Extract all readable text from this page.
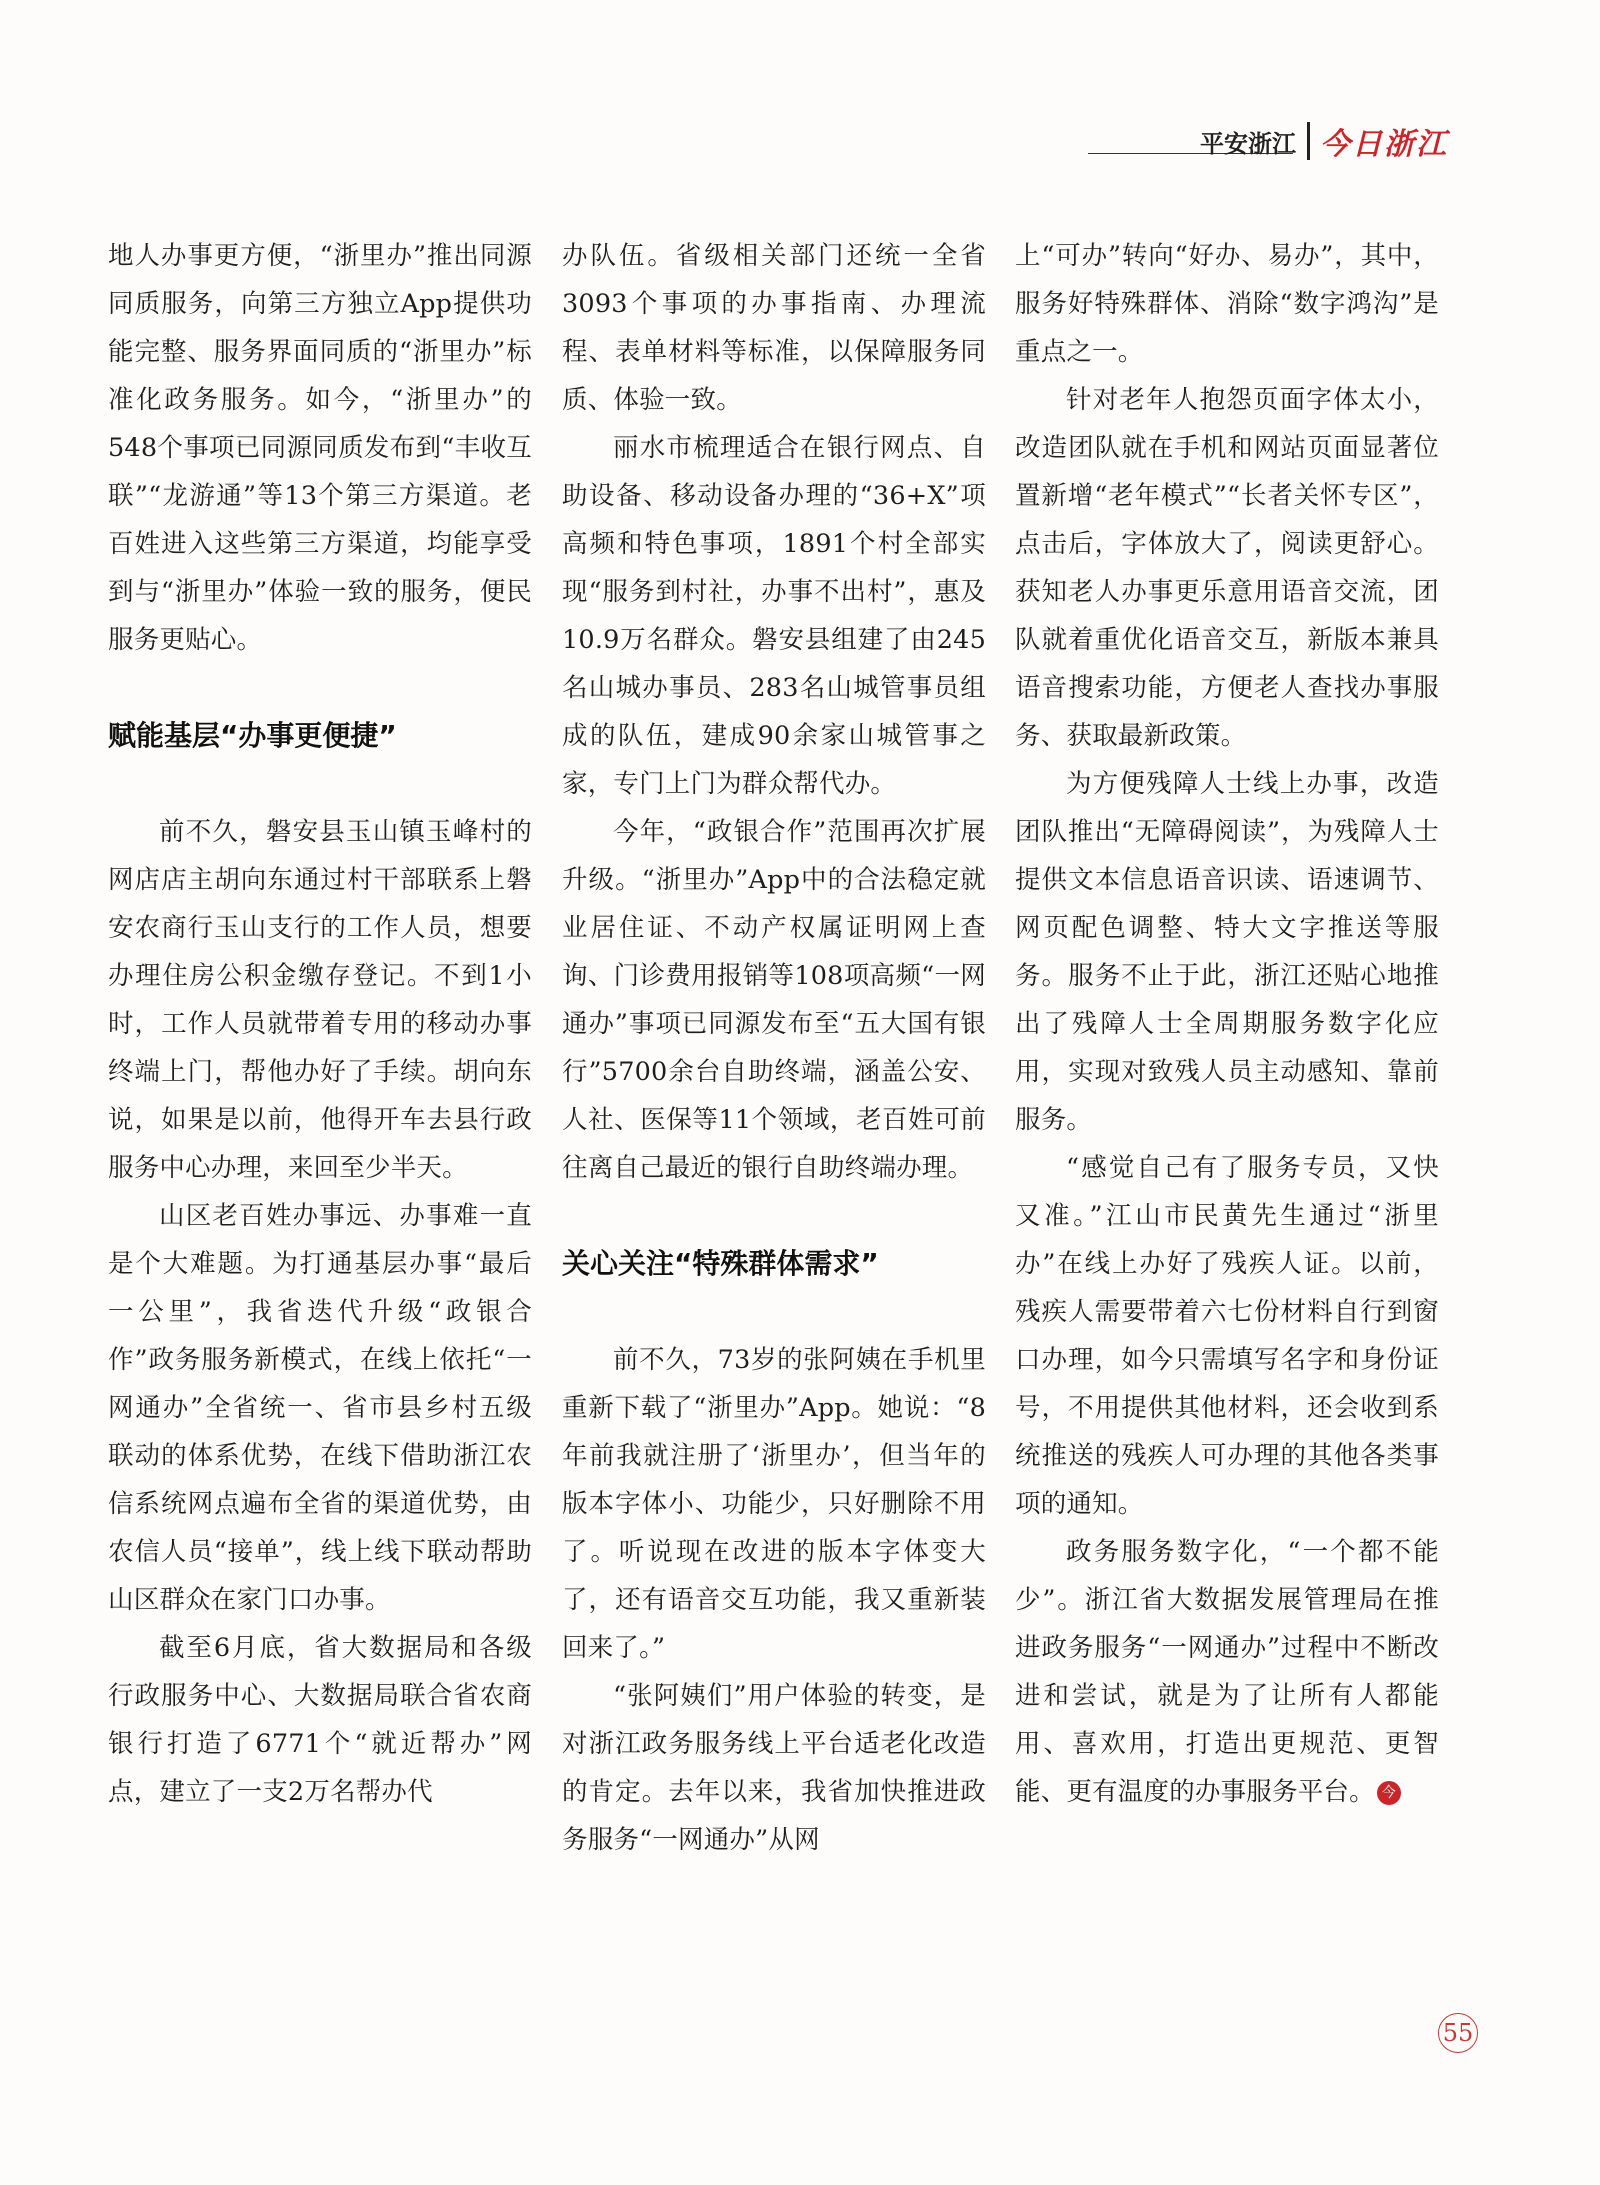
平安浙江 今日浙江

地人办事更方便，“浙里办”推出同源同质服务，向第三方独立App提供功能完整、服务界面同质的“浙里办”标准化政务服务。如今，“浙里办”的548个事项已同源同质发布到“丰收互联”“龙游通”等13个第三方渠道。老百姓进入这些第三方渠道，均能享受到与“浙里办”体验一致的服务，便民服务更贴心。

赋能基层“办事更便捷”

前不久，磐安县玉山镇玉峰村的网店店主胡向东通过村干部联系上磐安农商行玉山支行的工作人员，想要办理住房公积金缴存登记。不到1小时，工作人员就带着专用的移动办事终端上门，帮他办好了手续。胡向东说，如果是以前，他得开车去县行政服务中心办理，来回至少半天。

山区老百姓办事远、办事难一直是个大难题。为打通基层办事“最后一公里”，我省迭代升级“政银合作”政务服务新模式，在线上依托“一网通办”全省统一、省市县乡村五级联动的体系优势，在线下借助浙江农信系统网点遍布全省的渠道优势，由农信人员“接单”，线上线下联动帮助山区群众在家门口办事。

截至6月底，省大数据局和各级行政服务中心、大数据局联合省农商银行打造了6771个“就近帮办”网点，建立了一支2万名帮办代

办队伍。省级相关部门还统一全省3093个事项的办事指南、办理流程、表单材料等标准，以保障服务同质、体验一致。

丽水市梳理适合在银行网点、自助设备、移动设备办理的“36+X”项高频和特色事项，1891个村全部实现“服务到村社，办事不出村”，惠及10.9万名群众。磐安县组建了由245名山城办事员、283名山城管事员组成的队伍，建成90余家山城管事之家，专门上门为群众帮代办。

今年，“政银合作”范围再次扩展升级。“浙里办”App中的合法稳定就业居住证、不动产权属证明网上查询、门诊费用报销等108项高频“一网通办”事项已同源发布至“五大国有银行”5700余台自助终端，涵盖公安、人社、医保等11个领域，老百姓可前往离自己最近的银行自助终端办理。

关心关注“特殊群体需求”

前不久，73岁的张阿姨在手机里重新下载了“浙里办”App。她说：“8年前我就注册了‘浙里办’，但当年的版本字体小、功能少，只好删除不用了。听说现在改进的版本字体变大了，还有语音交互功能，我又重新装回来了。”

“张阿姨们”用户体验的转变，是对浙江政务服务线上平台适老化改造的肯定。去年以来，我省加快推进政务服务“一网通办”从网

上“可办”转向“好办、易办”，其中，服务好特殊群体、消除“数字鸿沟”是重点之一。

针对老年人抱怨页面字体太小，改造团队就在手机和网站页面显著位置新增“老年模式”“长者关怀专区”，点击后，字体放大了，阅读更舒心。获知老人办事更乐意用语音交流，团队就着重优化语音交互，新版本兼具语音搜索功能，方便老人查找办事服务、获取最新政策。

为方便残障人士线上办事，改造团队推出“无障碍阅读”，为残障人士提供文本信息语音识读、语速调节、网页配色调整、特大文字推送等服务。服务不止于此，浙江还贴心地推出了残障人士全周期服务数字化应用，实现对致残人员主动感知、靠前服务。

“感觉自己有了服务专员，又快又准。”江山市民黄先生通过“浙里办”在线上办好了残疾人证。以前，残疾人需要带着六七份材料自行到窗口办理，如今只需填写名字和身份证号，不用提供其他材料，还会收到系统推送的残疾人可办理的其他各类事项的通知。

政务服务数字化，“一个都不能少”。浙江省大数据发展管理局在推进政务服务“一网通办”过程中不断改进和尝试，就是为了让所有人都能用、喜欢用，打造出更规范、更智能、更有温度的办事服务平台。 今

55
